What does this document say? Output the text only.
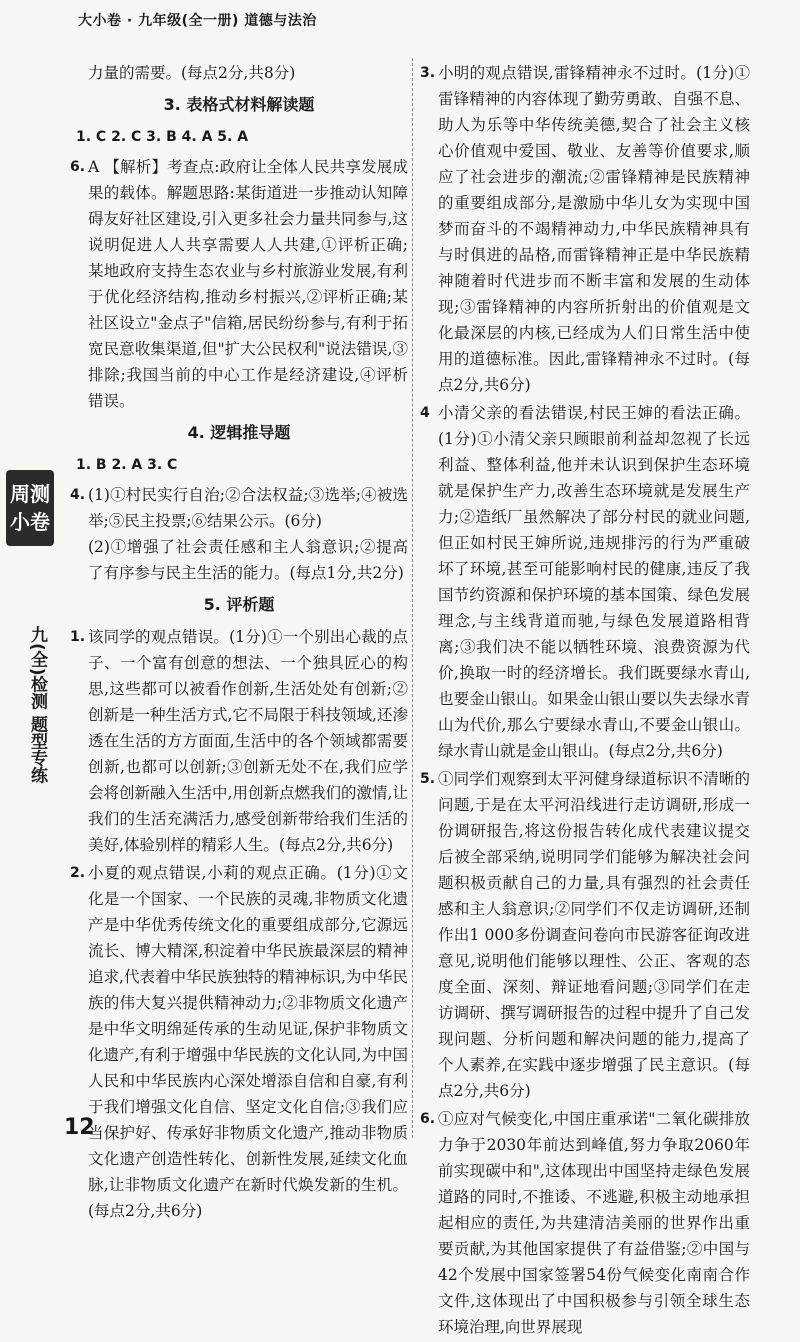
大小卷 · 九年级(全一册) 道德与法治
周测小卷
九(全)检测 题型专练
力量的需要。(每点2分,共8分)
3. 表格式材料解读题
1. C 2. C 3. B 4. A 5. A
6. A 【解析】考查点:政府让全体人民共享发展成果的载体。解题思路:某街道进一步推动认知障碍友好社区建设,引入更多社会力量共同参与,这说明促进人人共享需要人人共建,①评析正确;某地政府支持生态农业与乡村旅游业发展,有利于优化经济结构,推动乡村振兴,②评析正确;某社区设立"金点子"信箱,居民纷纷参与,有利于拓宽民意收集渠道,但"扩大公民权利"说法错误,③排除;我国当前的中心工作是经济建设,④评析错误。
4. 逻辑推导题
1. B 2. A 3. C
4. (1)①村民实行自治;②合法权益;③选举;④被选举;⑤民主投票;⑥结果公示。(6分)
(2)①增强了社会责任感和主人翁意识;②提高了有序参与民主生活的能力。(每点1分,共2分)
5. 评析题
1. 该同学的观点错误。(1分)①一个别出心裁的点子、一个富有创意的想法、一个独具匠心的构思,这些都可以被看作创新,生活处处有创新;②创新是一种生活方式,它不局限于科技领域,还渗透在生活的方方面面,生活中的各个领域都需要创新,也都可以创新;③创新无处不在,我们应学会将创新融入生活中,用创新点燃我们的激情,让我们的生活充满活力,感受创新带给我们生活的美好,体验别样的精彩人生。(每点2分,共6分)
2. 小夏的观点错误,小莉的观点正确。(1分)①文化是一个国家、一个民族的灵魂,非物质文化遗产是中华优秀传统文化的重要组成部分,它源远流长、博大精深,积淀着中华民族最深层的精神追求,代表着中华民族独特的精神标识,为中华民族的伟大复兴提供精神动力;②非物质文化遗产是中华文明绵延传承的生动见证,保护非物质文化遗产,有利于增强中华民族的文化认同,为中国人民和中华民族内心深处增添自信和自豪,有利于我们增强文化自信、坚定文化自信;③我们应当保护好、传承好非物质文化遗产,推动非物质文化遗产创造性转化、创新性发展,延续文化血脉,让非物质文化遗产在新时代焕发新的生机。(每点2分,共6分)
3. 小明的观点错误,雷锋精神永不过时。(1分)①雷锋精神的内容体现了勤劳勇敢、自强不息、助人为乐等中华传统美德,契合了社会主义核心价值观中爱国、敬业、友善等价值要求,顺应了社会进步的潮流;②雷锋精神是民族精神的重要组成部分,是激励中华儿女为实现中国梦而奋斗的不竭精神动力,中华民族精神具有与时俱进的品格,而雷锋精神正是中华民族精神随着时代进步而不断丰富和发展的生动体现;③雷锋精神的内容所折射出的价值观是文化最深层的内核,已经成为人们日常生活中使用的道德标准。因此,雷锋精神永不过时。(每点2分,共6分)
4 小清父亲的看法错误,村民王婶的看法正确。(1分)①小清父亲只顾眼前利益却忽视了长远利益、整体利益,他并未认识到保护生态环境就是保护生产力,改善生态环境就是发展生产力;②造纸厂虽然解决了部分村民的就业问题,但正如村民王婶所说,违规排污的行为严重破坏了环境,甚至可能影响村民的健康,违反了我国节约资源和保护环境的基本国策、绿色发展理念,与主线背道而驰,与绿色发展道路相背离;③我们决不能以牺牲环境、浪费资源为代价,换取一时的经济增长。我们既要绿水青山,也要金山银山。如果金山银山要以失去绿水青山为代价,那么宁要绿水青山,不要金山银山。绿水青山就是金山银山。(每点2分,共6分)
5. ①同学们观察到太平河健身绿道标识不清晰的问题,于是在太平河沿线进行走访调研,形成一份调研报告,将这份报告转化成代表建议提交后被全部采纳,说明同学们能够为解决社会问题积极贡献自己的力量,具有强烈的社会责任感和主人翁意识;②同学们不仅走访调研,还制作出1 000多份调查问卷向市民游客征询改进意见,说明他们能够以理性、公正、客观的态度全面、深刻、辩证地看问题;③同学们在走访调研、撰写调研报告的过程中提升了自己发现问题、分析问题和解决问题的能力,提高了个人素养,在实践中逐步增强了民主意识。(每点2分,共6分)
6. ①应对气候变化,中国庄重承诺"二氧化碳排放力争于2030年前达到峰值,努力争取2060年前实现碳中和",这体现出中国坚持走绿色发展道路的同时,不推诿、不逃避,积极主动地承担起相应的责任,为共建清洁美丽的世界作出重要贡献,为其他国家提供了有益借鉴;②中国与42个发展中国家签署54份气候变化南南合作文件,这体现出了中国积极参与引领全球生态环境治理,向世界展现
12
